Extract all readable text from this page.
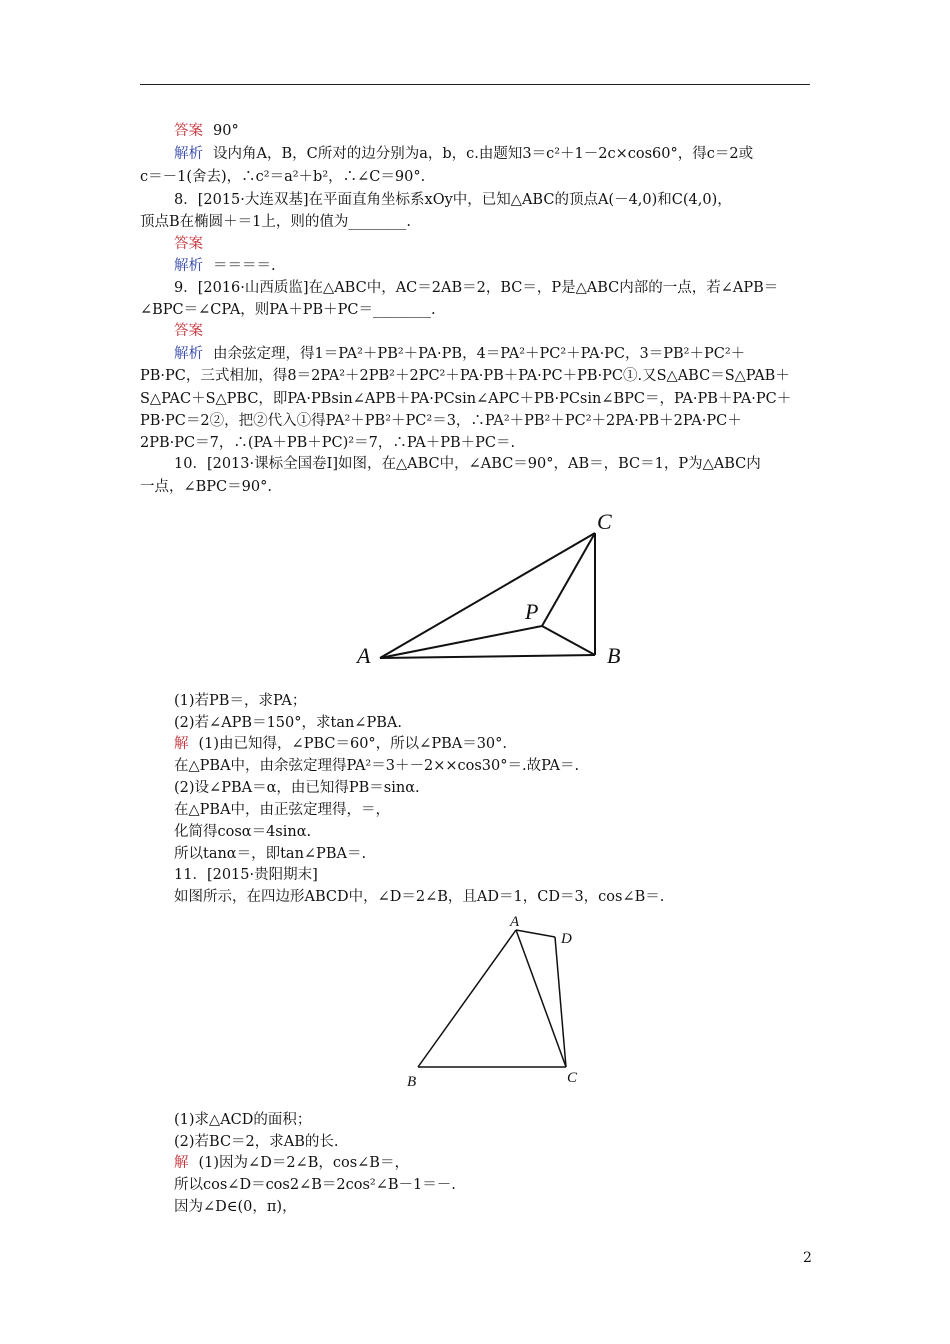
答案 90°
解析 设内角A，B，C所对的边分别为a，b，c.由题知3＝c²＋1－2c×cos60°，得c＝2或
c＝－1(舍去)，∴c²＝a²＋b²，∴∠C＝90°.
8．[2015·大连双基]在平面直角坐标系xOy中，已知△ABC的顶点A(－4,0)和C(4,0)，
顶点B在椭圆＋＝1上，则的值为________.
答案
解析 ＝＝＝＝.
9．[2016·山西质监]在△ABC中，AC＝2AB＝2，BC＝，P是△ABC内部的一点，若∠APB＝
∠BPC＝∠CPA，则PA＋PB＋PC＝________.
答案
解析 由余弦定理，得1＝PA²＋PB²＋PA·PB，4＝PA²＋PC²＋PA·PC，3＝PB²＋PC²＋
PB·PC，三式相加，得8＝2PA²＋2PB²＋2PC²＋PA·PB＋PA·PC＋PB·PC①.又S△ABC＝S△PAB＋
S△PAC＋S△PBC，即PA·PBsin∠APB＋PA·PCsin∠APC＋PB·PCsin∠BPC＝，PA·PB＋PA·PC＋
PB·PC＝2②，把②代入①得PA²＋PB²＋PC²＝3，∴PA²＋PB²＋PC²＋2PA·PB＋2PA·PC＋
2PB·PC＝7，∴(PA＋PB＋PC)²＝7，∴PA＋PB＋PC＝.
10．[2013·课标全国卷Ⅰ]如图，在△ABC中，∠ABC＝90°，AB＝，BC＝1，P为△ABC内
一点，∠BPC＝90°.
A	B
C
P
(1)若PB＝，求PA；
(2)若∠APB＝150°，求tan∠PBA.
解 (1)由已知得，∠PBC＝60°，所以∠PBA＝30°.
在△PBA中，由余弦定理得PA²＝3＋－2××cos30°＝.故PA＝.
(2)设∠PBA＝α，由已知得PB＝sinα.
在△PBA中，由正弦定理得，＝，
化简得cosα＝4sinα.
所以tanα＝，即tan∠PBA＝.
11．[2015·贵阳期末]
如图所示，在四边形ABCD中，∠D＝2∠B，且AD＝1，CD＝3，cos∠B＝.
A
B	C
D
(1)求△ACD的面积；
(2)若BC＝2，求AB的长.
解 (1)因为∠D＝2∠B，cos∠B＝，
所以cos∠D＝cos2∠B＝2cos²∠B－1＝－.
因为∠D∈(0，π)，
2
